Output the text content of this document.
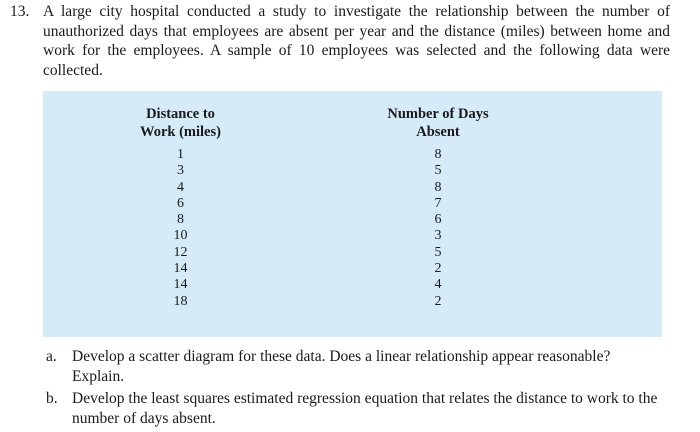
13. A large city hospital conducted a study to investigate the relationship between the number of unauthorized days that employees are absent per year and the distance (miles) between home and work for the employees. A sample of 10 employees was selected and the following data were collected.
Distance to
Work (miles)
1
3
4
6
8
10
12
14
14
18
Number of Days
Absent
8
5
8
7
6
3
5
2
4
2
a. Develop a scatter diagram for these data. Does a linear relationship appear reasonable? Explain.
b. Develop the least squares estimated regression equation that relates the distance to work to the number of days absent.
